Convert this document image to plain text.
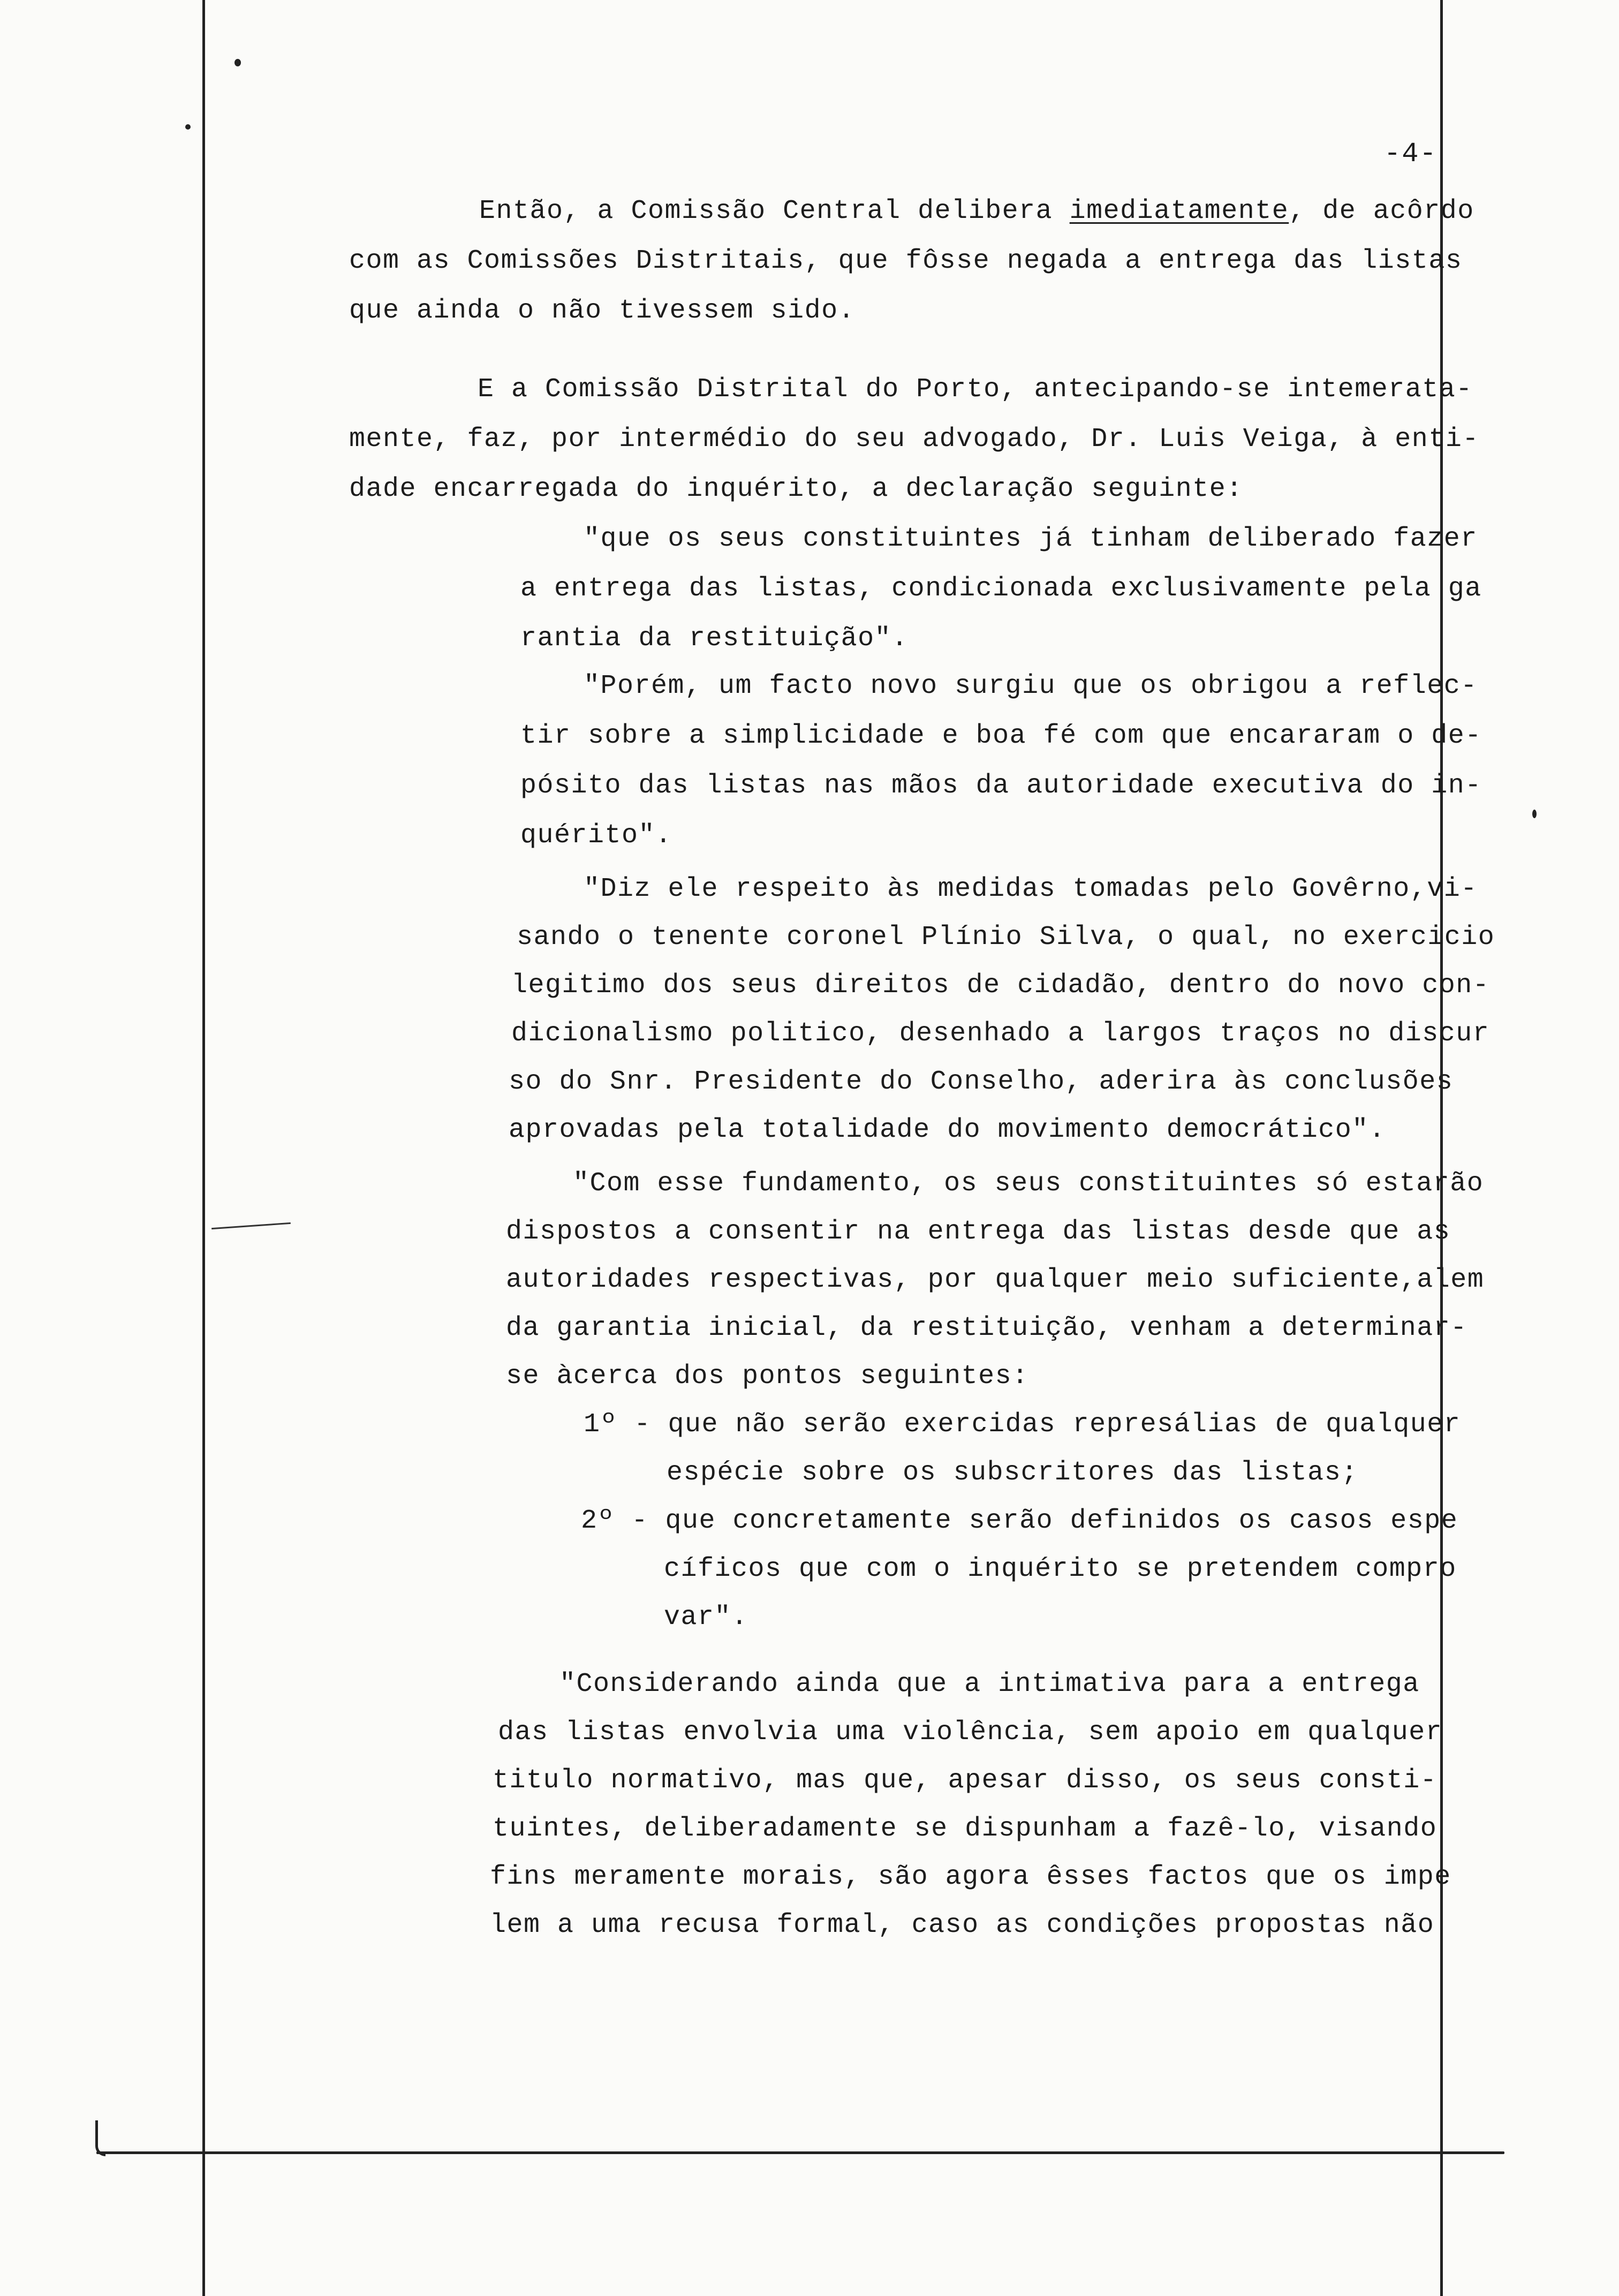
-4-
Então, a Comissão Central delibera imediatamente, de acôrdo
com as Comissões Distritais, que fôsse negada a entrega das listas
que ainda o não tivessem sido.
E a Comissão Distrital do Porto, antecipando-se intemerata-
mente, faz, por intermédio do seu advogado, Dr. Luis Veiga, à enti-
dade encarregada do inquérito, a declaração seguinte:
"que os seus constituintes já tinham deliberado fazer
a entrega das listas, condicionada exclusivamente pela ga
rantia da restituição".
"Porém, um facto novo surgiu que os obrigou a reflec-
tir sobre a simplicidade e boa fé com que encararam o de-
pósito das listas nas mãos da autoridade executiva do in-
quérito".
"Diz ele respeito às medidas tomadas pelo Govêrno,vi-
sando o tenente coronel Plínio Silva, o qual, no exercicio
legitimo dos seus direitos de cidadão, dentro do novo con-
dicionalismo politico, desenhado a largos traços no discur
so do Snr. Presidente do Conselho, aderira às conclusões
aprovadas pela totalidade do movimento democrático".
"Com esse fundamento, os seus constituintes só estarão
dispostos a consentir na entrega das listas desde que as
autoridades respectivas, por qualquer meio suficiente,alem
da garantia inicial, da restituição, venham a determinar-
se àcerca dos pontos seguintes:
1º - que não serão exercidas represálias de qualquer
espécie sobre os subscritores das listas;
2º - que concretamente serão definidos os casos espe
cíficos que com o inquérito se pretendem compro
var".
"Considerando ainda que a intimativa para a entrega
das listas envolvia uma violência, sem apoio em qualquer
titulo normativo, mas que, apesar disso, os seus consti-
tuintes, deliberadamente se dispunham a fazê-lo, visando
fins meramente morais, são agora êsses factos que os impe
lem a uma recusa formal, caso as condições propostas não
